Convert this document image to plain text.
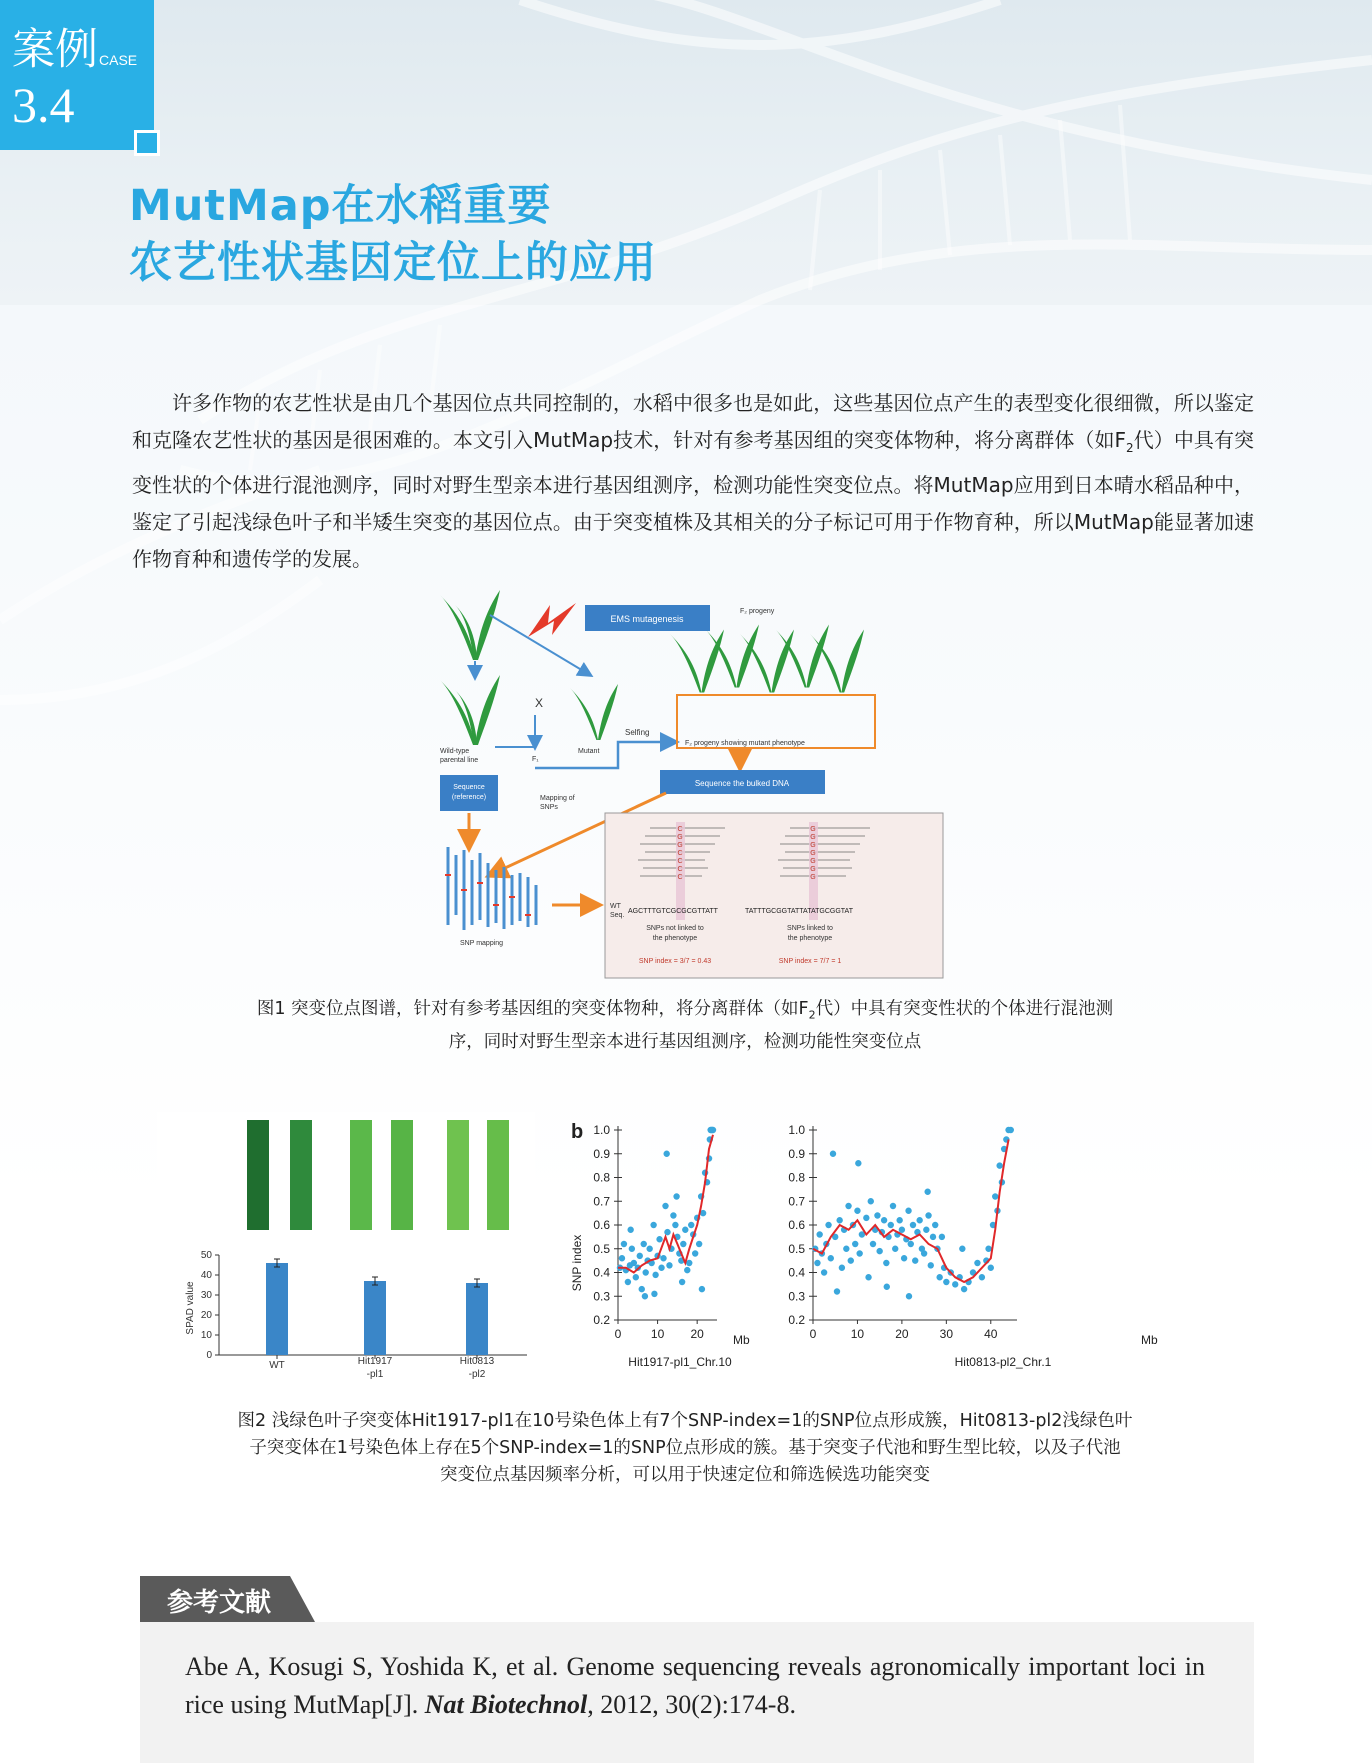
案例 CASE
3.4
MutMap在水稻重要
农艺性状基因定位上的应用

许多作物的农艺性状是由几个基因位点共同控制的，水稻中很多也是如此，这些基因位点产生的表型变化很细微，所以鉴定和克隆农艺性状的基因是很困难的。本文引入MutMap技术，针对有参考基因组的突变体物种，将分离群体（如$F_2$代）中具有突变性状的个体进行混池测序，同时对野生型亲本进行基因组测序，检测功能性突变位点。将MutMap应用到日本晴水稻品种中，鉴定了引起浅绿色叶子和半矮生突变的基因位点。由于突变植株及其相关的分子标记可用于作物育种，所以MutMap能显著加速作物育种和遗传学的发展。

EMS mutagenesis
X
Wild-type
parental line	F₁
Mutant
Selfing
F₂ progeny
F₂ progeny showing mutant phenotype
Sequence the bulked DNA
Sequence
(reference)	Mapping of
SNPs
SNP mapping
C
G
G
C
C
C
C
G
G
G
G
G
G
G
WT
Seq.
AGCTTTGTCGCGCGTTATT	TATTTGCGGTATTATATGCGGTAT
SNPs not linked to
the phenotype
SNPs linked to
the phenotype
SNP index = 3/7 = 0.43	SNP index = 7/7 = 1
图1 突变位点图谱，针对有参考基因组的突变体物种，将分离群体（如$F_2$代）中具有突变性状的个体进行混池测
序，同时对野生型亲本进行基因组测序，检测功能性突变位点
SPAD value
0
10
20
30
40
50
WT	Hit1917
-pl1
Hit0813
-pl2
b
SNP index
0.2
0.3
0.4
0.5
0.6
0.7
0.8
0.9
1.0
0 10 20
0.2
0.3
0.4
0.5
0.6
0.7
0.8
0.9
1.0
0	10	20	30	40
Hit1917-pl1_Chr.10
Mb
Hit0813-pl2_Chr.1
Mb
图2 浅绿色叶子突变体Hit1917-pl1在10号染色体上有7个SNP-index=1的SNP位点形成簇，Hit0813-pl2浅绿色叶
子突变体在1号染色体上存在5个SNP-index=1的SNP位点形成的簇。基于突变子代池和野生型比较，以及子代池
突变位点基因频率分析，可以用于快速定位和筛选候选功能突变
参考文献
Abe A, Kosugi S, Yoshida K, et al. Genome sequencing reveals agronomically important loci in rice using MutMap[J]. Nat Biotechnol, 2012, 30(2):174-8.
